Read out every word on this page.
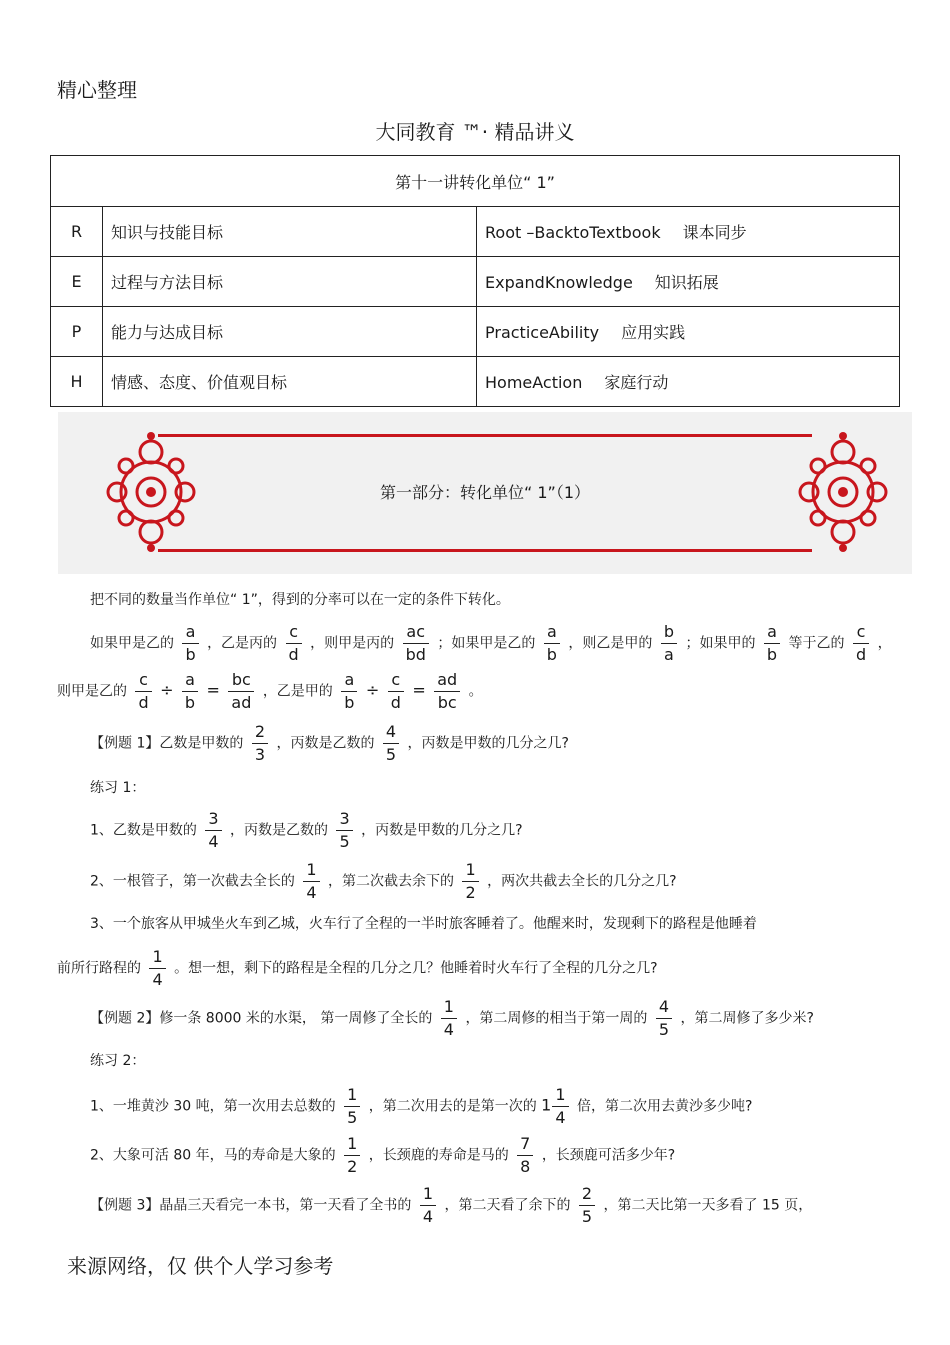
精心整理
大同教育 ™· 精品讲义
第十一讲转化单位“ 1”		
R	知识与技能目标	Root –BacktoTextbook 课本同步
E	过程与方法目标	ExpandKnowledge 知识拓展
P	能力与达成目标	PracticeAbility 应用实践
H	情感、态度、价值观目标	HomeAction 家庭行动
第一部分：转化单位“ 1”（1）
把不同的数量当作单位“ 1”，得到的分率可以在一定的条件下转化。
如果甲是乙的 $\frac{a}{b}$ ，乙是丙的 $\frac{c}{d}$ ，则甲是丙的 $\frac{ac}{bd}$ ；如果甲是乙的 $\frac{a}{b}$ ，则乙是甲的 $\frac{b}{a}$ ；如果甲的 $\frac{a}{b}$ 等于乙的 $\frac{c}{d}$ ，
则甲是乙的 $\frac{c}{d} \div \frac{a}{b} = \frac{bc}{ad}$ ，乙是甲的 $\frac{a}{b} \div \frac{c}{d} = \frac{ad}{bc}$ 。
【例题 1】乙数是甲数的 $\frac{2}{3}$ ，丙数是乙数的 $\frac{4}{5}$ ，丙数是甲数的几分之几?
练习 1：
1、乙数是甲数的 $\frac{3}{4}$ ，丙数是乙数的 $\frac{3}{5}$ ，丙数是甲数的几分之几?
2、一根管子，第一次截去全长的 $\frac{1}{4}$ ，第二次截去余下的 $\frac{1}{2}$ ，两次共截去全长的几分之几?
3、一个旅客从甲城坐火车到乙城，火车行了全程的一半时旅客睡着了。他醒来时，发现剩下的路程是他睡着
前所行路程的 $\frac{1}{4}$ 。想一想，剩下的路程是全程的几分之几？他睡着时火车行了全程的几分之几?
【例题 2】修一条 8000 米的水渠， 第一周修了全长的 $\frac{1}{4}$ ，第二周修的相当于第一周的 $\frac{4}{5}$ ，第二周修了多少米?
练习 2：
1、一堆黄沙 30 吨，第一次用去总数的 $\frac{1}{5}$ ，第二次用去的是第一次的 $1 \frac{1}{4}$ 倍，第二次用去黄沙多少吨?
2、大象可活 80 年，马的寿命是大象的 $\frac{1}{2}$ ，长颈鹿的寿命是马的 $\frac{7}{8}$ ，长颈鹿可活多少年?
【例题 3】晶晶三天看完一本书，第一天看了全书的 $\frac{1}{4}$ ，第二天看了余下的 $\frac{2}{5}$ ，第二天比第一天多看了 15 页，
来源网络，仅 供个人学习参考
